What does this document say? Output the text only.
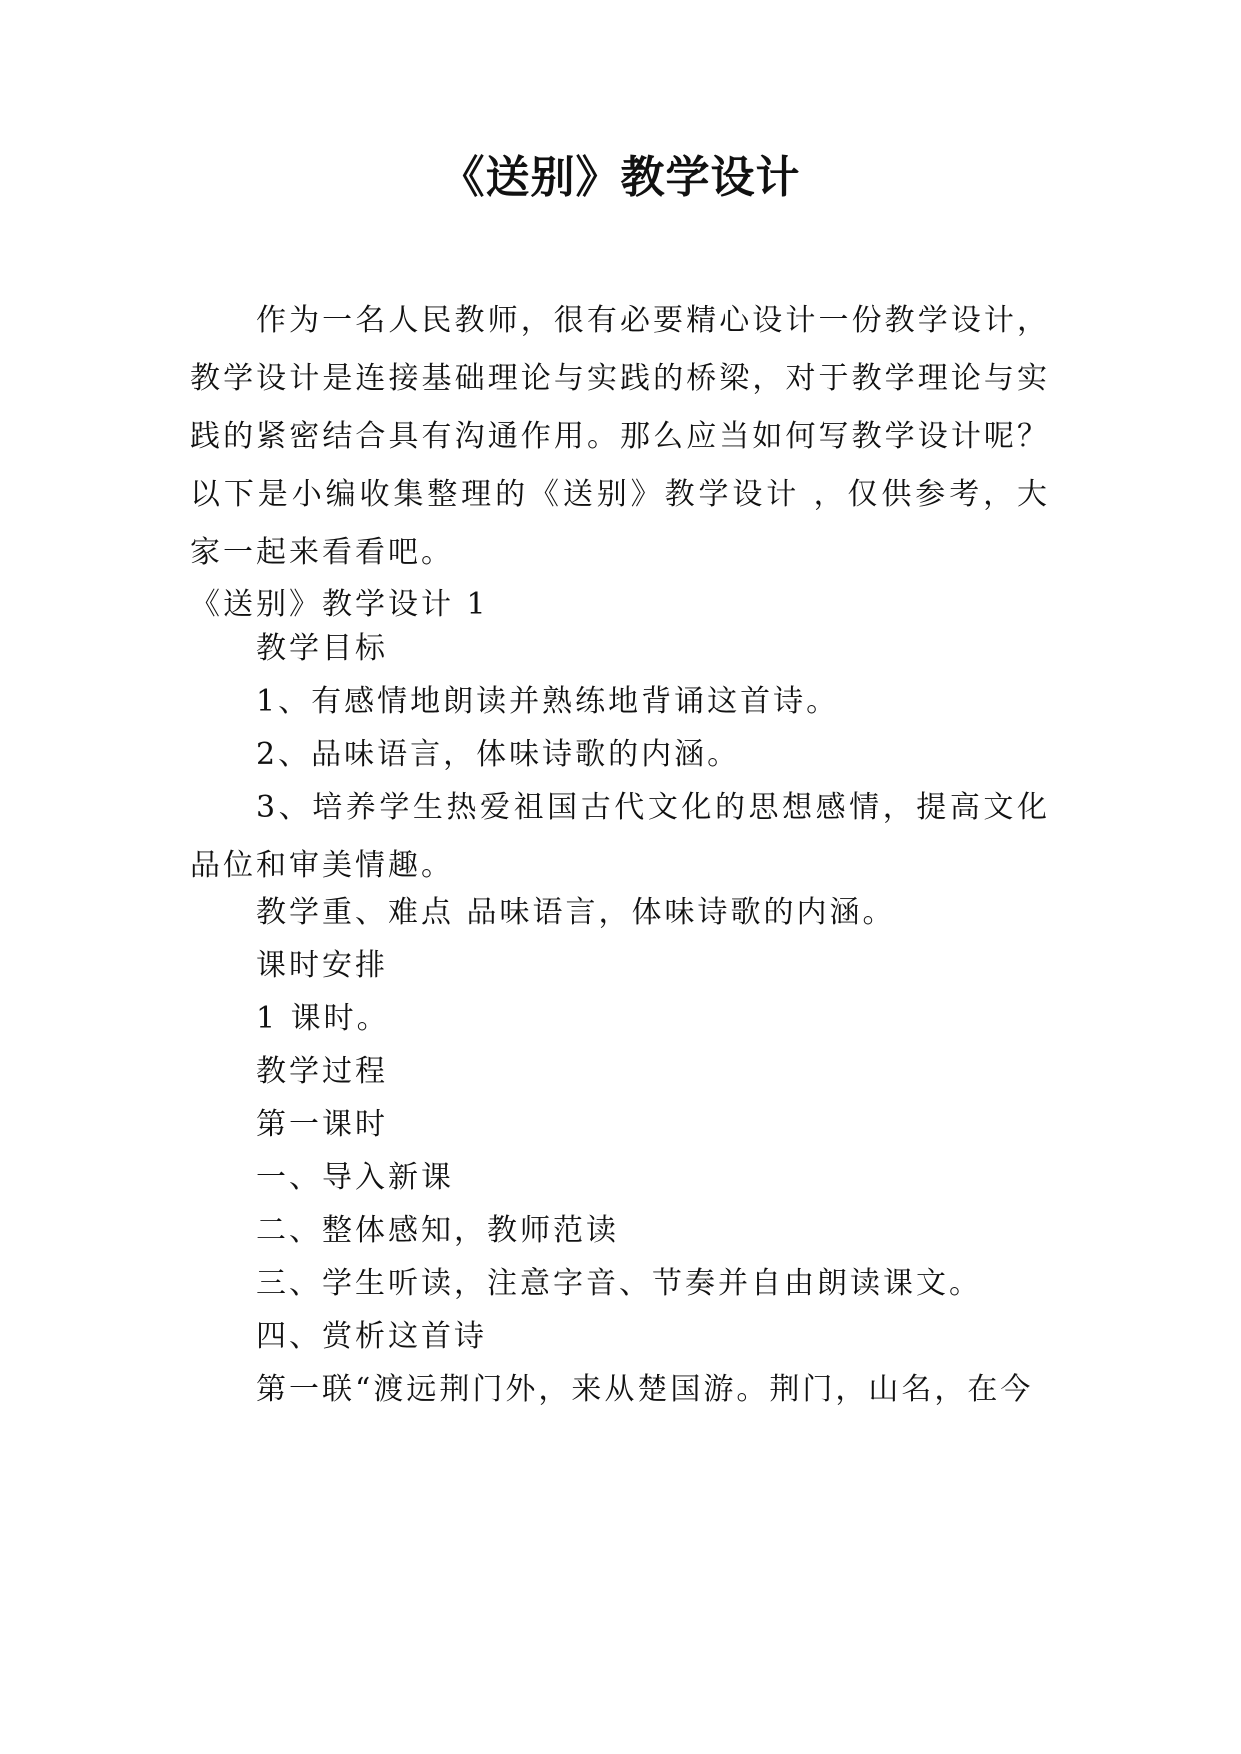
《送别》教学设计
作为一名人民教师，很有必要精心设计一份教学设计，教学设计是连接基础理论与实践的桥梁，对于教学理论与实践的紧密结合具有沟通作用。那么应当如何写教学设计呢？以下是小编收集整理的《送别》教学设计 ，仅供参考，大家一起来看看吧。
《送别》教学设计 1
教学目标
1、有感情地朗读并熟练地背诵这首诗。
2、品味语言，体味诗歌的内涵。
3、培养学生热爱祖国古代文化的思想感情，提高文化品位和审美情趣。
教学重、难点 品味语言，体味诗歌的内涵。
课时安排
1 课时。
教学过程
第一课时
一、导入新课
二、整体感知，教师范读
三、学生听读，注意字音、节奏并自由朗读课文。
四、赏析这首诗
第一联“渡远荆门外，来从楚国游。荆门，山名，在今
